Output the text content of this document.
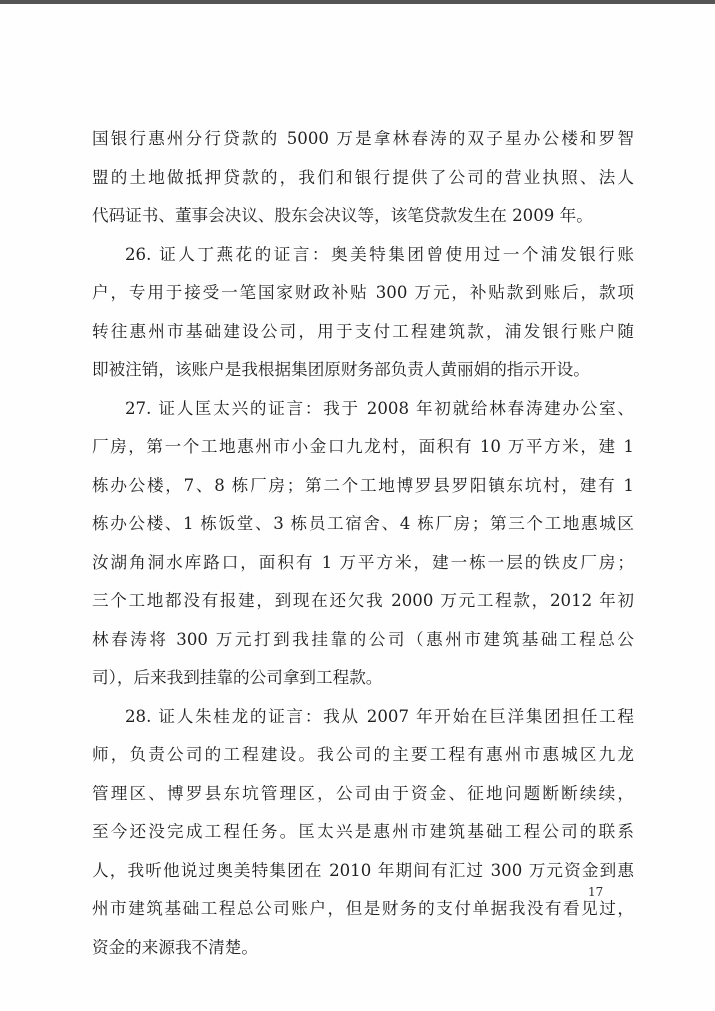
国银行惠州分行贷款的 5000 万是拿林春涛的双子星办公楼和罗智
盟的土地做抵押贷款的，我们和银行提供了公司的营业执照、法人
代码证书、董事会决议、股东会决议等，该笔贷款发生在 2009 年。
26. 证人丁燕花的证言：奥美特集团曾使用过一个浦发银行账
户，专用于接受一笔国家财政补贴 300 万元，补贴款到账后，款项
转往惠州市基础建设公司，用于支付工程建筑款，浦发银行账户随
即被注销，该账户是我根据集团原财务部负责人黄丽娟的指示开设。
27. 证人匡太兴的证言：我于 2008 年初就给林春涛建办公室、
厂房，第一个工地惠州市小金口九龙村，面积有 10 万平方米，建 1
栋办公楼，7、8 栋厂房；第二个工地博罗县罗阳镇东坑村，建有 1
栋办公楼、1 栋饭堂、3 栋员工宿舍、4 栋厂房；第三个工地惠城区
汝湖角洞水库路口，面积有 1 万平方米，建一栋一层的铁皮厂房；
三个工地都没有报建，到现在还欠我 2000 万元工程款，2012 年初
林春涛将 300 万元打到我挂靠的公司（惠州市建筑基础工程总公
司），后来我到挂靠的公司拿到工程款。
28. 证人朱桂龙的证言：我从 2007 年开始在巨洋集团担任工程
师，负责公司的工程建设。我公司的主要工程有惠州市惠城区九龙
管理区、博罗县东坑管理区，公司由于资金、征地问题断断续续，
至今还没完成工程任务。匡太兴是惠州市建筑基础工程公司的联系
人，我听他说过奥美特集团在 2010 年期间有汇过 300 万元资金到惠
州市建筑基础工程总公司账户，但是财务的支付单据我没有看见过，
资金的来源我不清楚。
17
